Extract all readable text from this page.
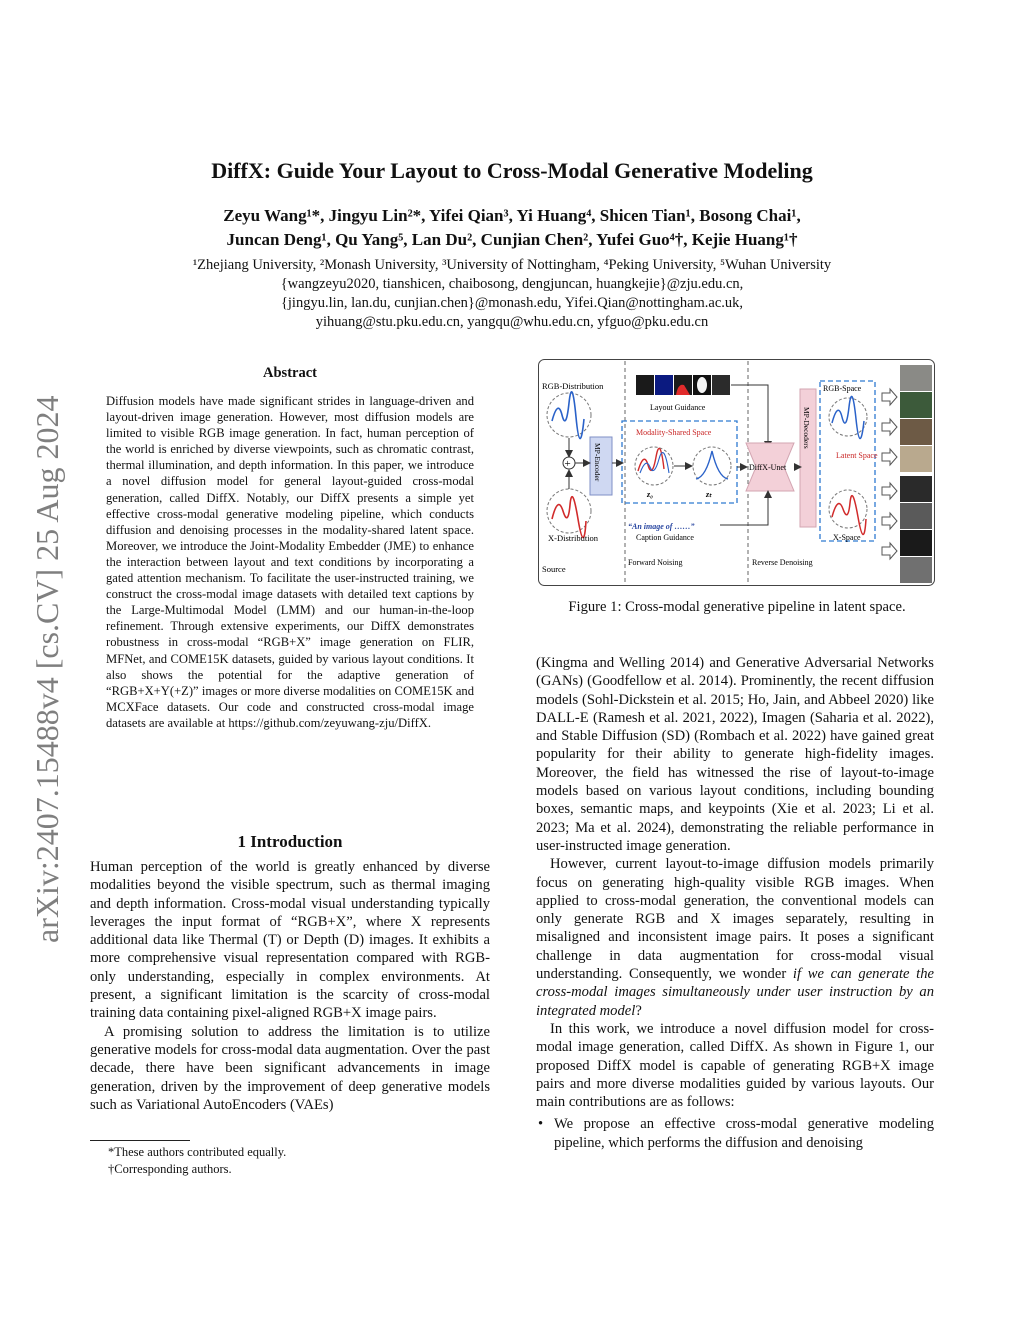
arXiv:2407.15488v4 [cs.CV] 25 Aug 2024
DiffX: Guide Your Layout to Cross-Modal Generative Modeling
Zeyu Wang¹*, Jingyu Lin²*, Yifei Qian³, Yi Huang⁴, Shicen Tian¹, Bosong Chai¹,
Juncan Deng¹, Qu Yang⁵, Lan Du², Cunjian Chen², Yufei Guo⁴†, Kejie Huang¹†
¹Zhejiang University, ²Monash University, ³University of Nottingham, ⁴Peking University, ⁵Wuhan University
{wangzeyu2020, tianshicen, chaibosong, dengjuncan, huangkejie}@zju.edu.cn,
{jingyu.lin, lan.du, cunjian.chen}@monash.edu, Yifei.Qian@nottingham.ac.uk,
yihuang@stu.pku.edu.cn, yangqu@whu.edu.cn, yfguo@pku.edu.cn
Abstract

Diffusion models have made significant strides in language-driven and layout-driven image generation. However, most diffusion models are limited to visible RGB image generation. In fact, human perception of the world is enriched by diverse viewpoints, such as chromatic contrast, thermal illumination, and depth information. In this paper, we introduce a novel diffusion model for general layout-guided cross-modal generation, called DiffX. Notably, our DiffX presents a simple yet effective cross-modal generative modeling pipeline, which conducts diffusion and denoising processes in the modality-shared latent space. Moreover, we introduce the Joint-Modality Embedder (JME) to enhance the interaction between layout and text conditions by incorporating a gated attention mechanism. To facilitate the user-instructed training, we construct the cross-modal image datasets with detailed text captions by the Large-Multimodal Model (LMM) and our human-in-the-loop refinement. Through extensive experiments, our DiffX demonstrates robustness in cross-modal “RGB+X” image generation on FLIR, MFNet, and COME15K datasets, guided by various layout conditions. It also shows the potential for the adaptive generation of “RGB+X+Y(+Z)” images or more diverse modalities on COME15K and MCXFace datasets. Our code and constructed cross-modal image datasets are available at https://github.com/zeyuwang-zju/DiffX.

1 Introduction

Human perception of the world is greatly enhanced by diverse modalities beyond the visible spectrum, such as thermal imaging and depth information. Cross-modal visual understanding typically leverages the input format of “RGB+X”, where X represents additional data like Thermal (T) or Depth (D) images. It exhibits a more comprehensive visual representation compared with RGB-only understanding, especially in complex environments. At present, a significant limitation is the scarcity of cross-modal training data containing pixel-aligned RGB+X image pairs.

A promising solution to address the limitation is to utilize generative models for cross-modal data augmentation. Over the past decade, there have been significant advancements in image generation, driven by the improvement of deep generative models such as Variational AutoEncoders (VAEs)

*These authors contributed equally.
†Corresponding authors.
RGB-Distribution
+
X-Distribution
Source
MP-Encoder
Layout Guidance
Modality-Shared Space
z₀	zₜ
DiffX-Unet
“An image of ……”
Caption Guidance
Forward Noising	Reverse Denoising
MP-Decoders
RGB-Space
Latent Space
X-Space
Figure 1: Cross-modal generative pipeline in latent space.

(Kingma and Welling 2014) and Generative Adversarial Networks (GANs) (Goodfellow et al. 2014). Prominently, the recent diffusion models (Sohl-Dickstein et al. 2015; Ho, Jain, and Abbeel 2020) like DALL-E (Ramesh et al. 2021, 2022), Imagen (Saharia et al. 2022), and Stable Diffusion (SD) (Rombach et al. 2022) have gained great popularity for their ability to generate high-fidelity images. Moreover, the field has witnessed the rise of layout-to-image models based on various layout conditions, including bounding boxes, semantic maps, and keypoints (Xie et al. 2023; Li et al. 2023; Ma et al. 2024), demonstrating the reliable performance in user-instructed image generation.

However, current layout-to-image diffusion models primarily focus on generating high-quality visible RGB images. When applied to cross-modal generation, the conventional models can only generate RGB and X images separately, resulting in misaligned and inconsistent image pairs. It poses a significant challenge in data augmentation for cross-modal visual understanding. Consequently, we wonder if we can generate the cross-modal images simultaneously under user instruction by an integrated model?

In this work, we introduce a novel diffusion model for cross-modal image generation, called DiffX. As shown in Figure 1, our proposed DiffX model is capable of generating RGB+X image pairs and more diverse modalities guided by various layouts. Our main contributions are as follows:

• We propose an effective cross-modal generative modeling pipeline, which performs the diffusion and denoising
